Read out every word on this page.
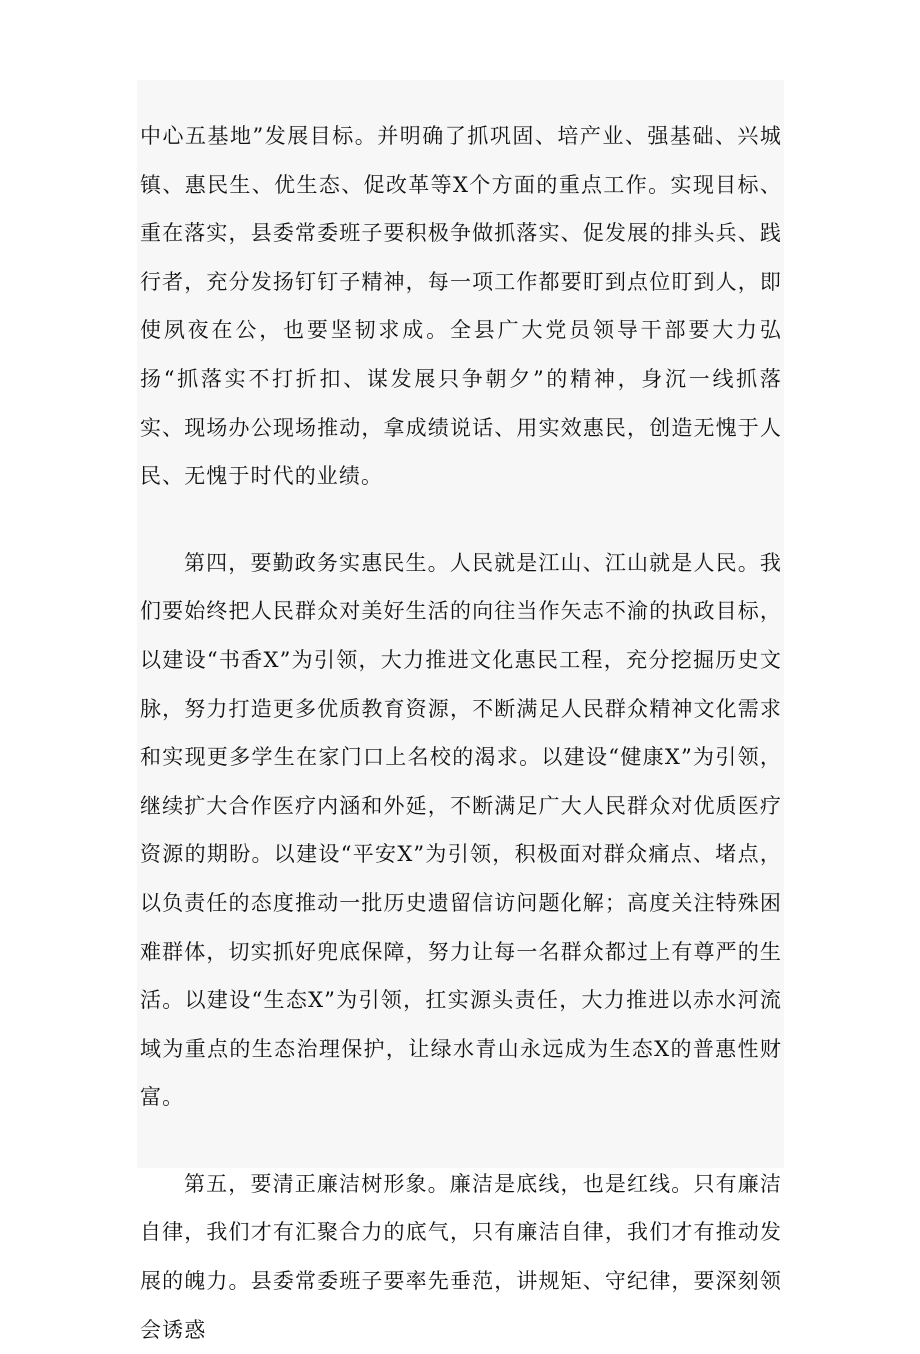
中心五基地”发展目标。并明确了抓巩固、培产业、强基础、兴城镇、惠民生、优生态、促改革等X个方面的重点工作。实现目标、重在落实，县委常委班子要积极争做抓落实、促发展的排头兵、践行者，充分发扬钉钉子精神，每一项工作都要盯到点位盯到人，即使夙夜在公，也要坚韧求成。全县广大党员领导干部要大力弘扬“抓落实不打折扣、谋发展只争朝夕”的精神，身沉一线抓落实、现场办公现场推动，拿成绩说话、用实效惠民，创造无愧于人民、无愧于时代的业绩。

第四，要勤政务实惠民生。人民就是江山、江山就是人民。我们要始终把人民群众对美好生活的向往当作矢志不渝的执政目标，以建设“书香X”为引领，大力推进文化惠民工程，充分挖掘历史文脉，努力打造更多优质教育资源，不断满足人民群众精神文化需求和实现更多学生在家门口上名校的渴求。以建设“健康X”为引领，继续扩大合作医疗内涵和外延，不断满足广大人民群众对优质医疗资源的期盼。以建设“平安X”为引领，积极面对群众痛点、堵点，以负责任的态度推动一批历史遗留信访问题化解；高度关注特殊困难群体，切实抓好兜底保障，努力让每一名群众都过上有尊严的生活。以建设“生态X”为引领，扛实源头责任，大力推进以赤水河流域为重点的生态治理保护，让绿水青山永远成为生态X的普惠性财富。

第五，要清正廉洁树形象。廉洁是底线，也是红线。只有廉洁自律，我们才有汇聚合力的底气，只有廉洁自律，我们才有推动发展的魄力。县委常委班子要率先垂范，讲规矩、守纪律，要深刻领会诱惑
